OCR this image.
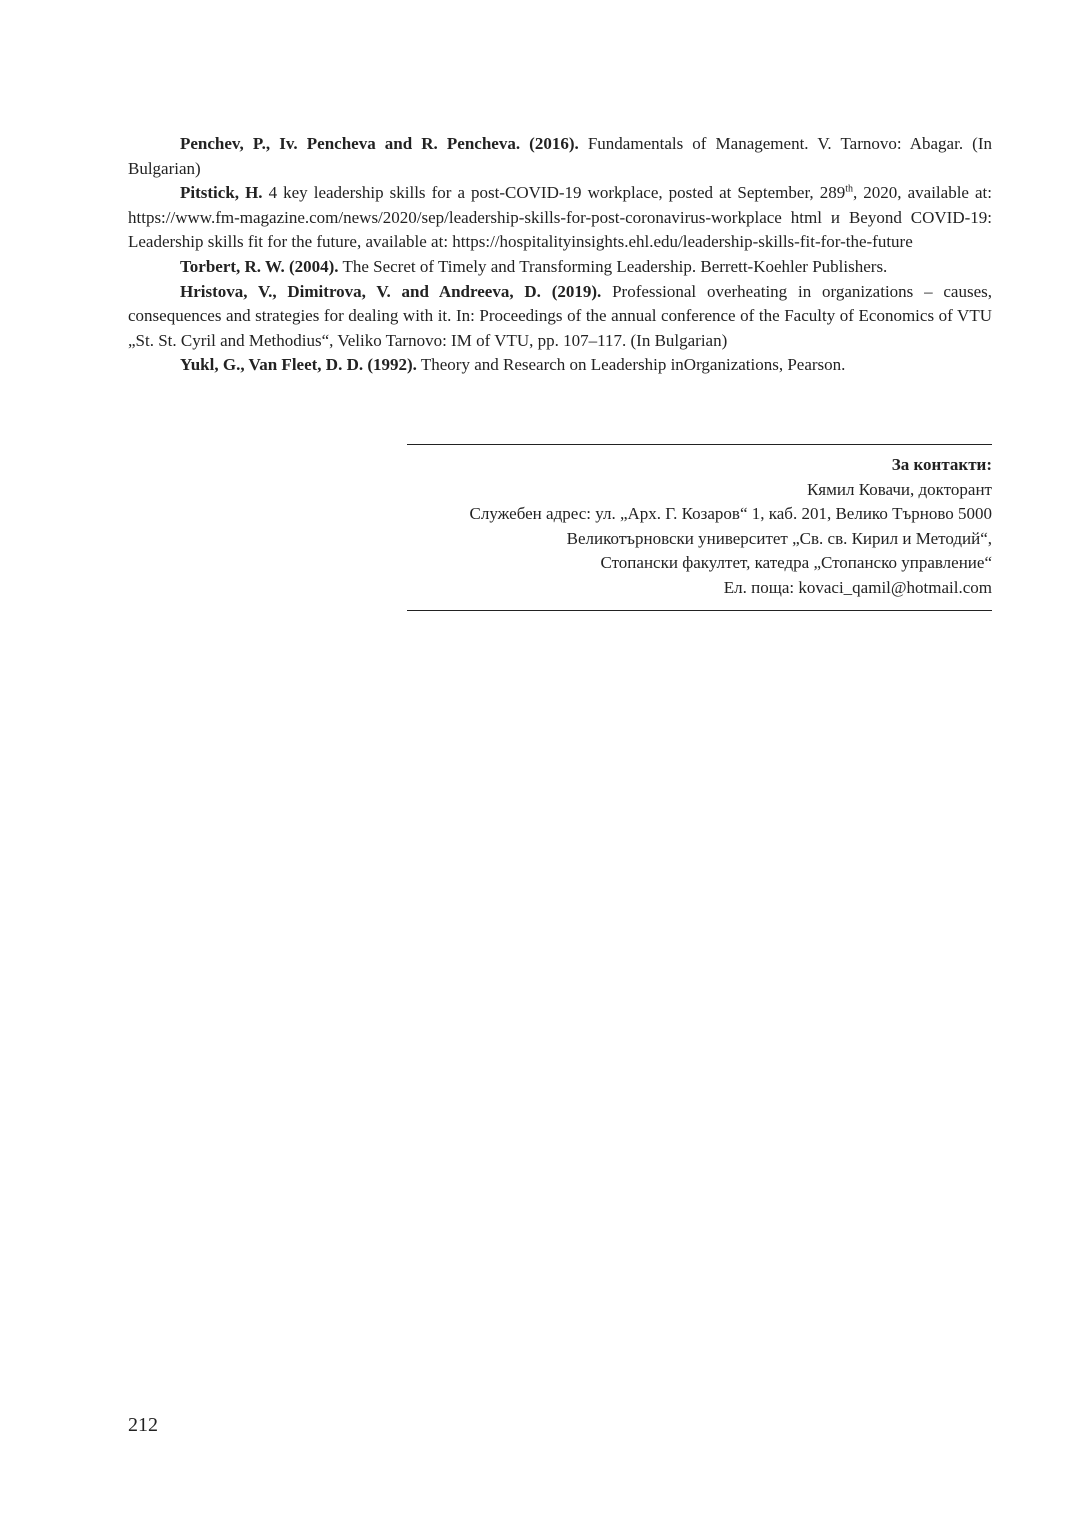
Penchev, P., Iv. Pencheva and R. Pencheva. (2016). Fundamentals of Management. V. Tarnovo: Abagar. (In Bulgarian)

Pitstick, H. 4 key leadership skills for a post-COVID-19 workplace, posted at September, 289th, 2020, available at: https://www.fm-magazine.com/news/2020/sep/leadership-skills-for-post-coronavirus-workplace html и Beyond COVID-19: Leadership skills fit for the future, available at: https://hospitalityinsights.ehl.edu/leadership-skills-fit-for-the-future

Torbert, R. W. (2004). The Secret of Timely and Transforming Leadership. Berrett-Koehler Publishers.

Hristova, V., Dimitrova, V. and Andreeva, D. (2019). Professional overheating in organizations – causes, consequences and strategies for dealing with it. In: Proceedings of the annual conference of the Faculty of Economics of VTU „St. St. Cyril and Methodius“, Veliko Tarnovo: IM of VTU, pp. 107–117. (In Bulgarian)

Yukl, G., Van Fleet, D. D. (1992). Theory and Research on Leadership inOrganizations, Pearson.

За контакти:
Кямил Ковачи, докторант
Служебен адрес: ул. „Арх. Г. Козаров“ 1, каб. 201, Велико Търново 5000
Великотърновски университет „Св. св. Кирил и Методий“,
Стопански факултет, катедра „Стопанско управление“
Ел. поща: kovaci_qamil@hotmail.com
212
